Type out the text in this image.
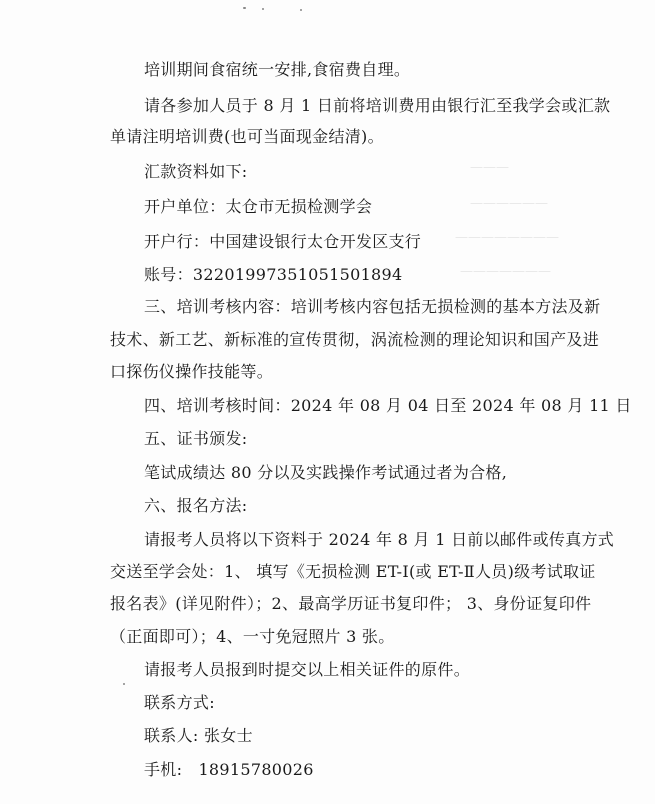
———
——————
————————
———————
培训期间食宿统一安排,食宿费自理。
请各参加人员于 8 月 1 日前将培训费用由银行汇至我学会或汇款
单请注明培训费(也可当面现金结清)。
汇款资料如下:
开户单位：太仓市无损检测学会
开户行：中国建设银行太仓开发区支行
账号：32201997351051501894
三、培训考核内容：培训考核内容包括无损检测的基本方法及新
技术、新工艺、新标准的宣传贯彻，涡流检测的理论知识和国产及进
口探伤仪操作技能等。
四、培训考核时间：2024 年 08 月 04 日至 2024 年 08 月 11 日
五、证书颁发:
笔试成绩达 80 分以及实践操作考试通过者为合格,
六、报名方法:
请报考人员将以下资料于 2024 年 8 月 1 日前以邮件或传真方式
交送至学会处：1、 填写《无损检测 ET-Ⅰ(或 ET-Ⅱ人员)级考试取证
报名表》(详见附件）；2、最高学历证书复印件； 3、身份证复印件
（正面即可）；4、一寸免冠照片 3 张。
请报考人员报到时提交以上相关证件的原件。
联系方式:
联系人: 张女士
手机:   18915780026
